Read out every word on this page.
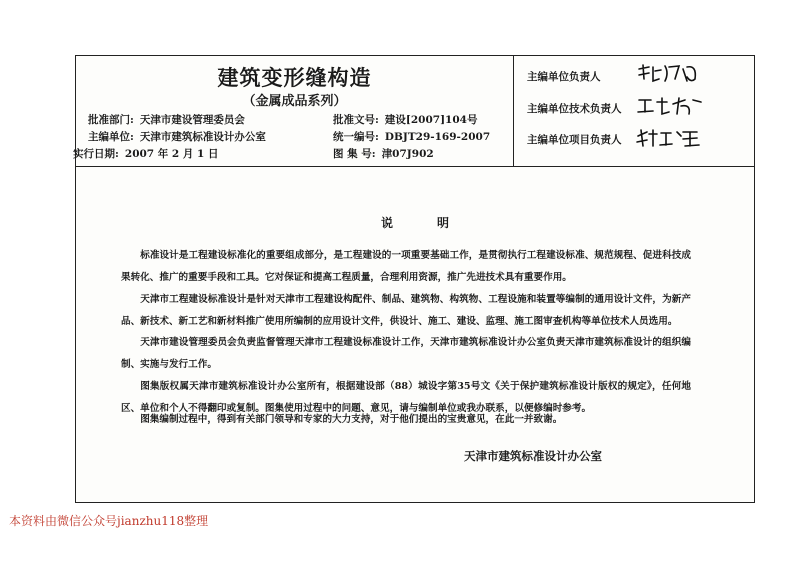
建筑变形缝构造
（金属成品系列）
批准部门: 天津市建设管理委员会
主编单位: 天津市建筑标准设计办公室
实行日期: 2007 年 2 月 1 日
批准文号: 建设[2007]104号
统一编号: DBJT29-169-2007
图 集 号: 津07J902
主编单位负责人
主编单位技术负责人
主编单位项目负责人
说	明
标准设计是工程建设标准化的重要组成部分，是工程建设的一项重要基础工作，是贯彻执行工程建设标准、规范规程、促进科技成果转化、推广的重要手段和工具。它对保证和提高工程质量，合理利用资源，推广先进技术具有重要作用。
天津市工程建设标准设计是针对天津市工程建设构配件、制品、建筑物、构筑物、工程设施和装置等编制的通用设计文件，为新产品、新技术、新工艺和新材料推广使用所编制的应用设计文件，供设计、施工、建设、监理、施工图审查机构等单位技术人员选用。
天津市建设管理委员会负责监督管理天津市工程建设标准设计工作，天津市建筑标准设计办公室负责天津市建筑标准设计的组织编制、实施与发行工作。
图集版权属天津市建筑标准设计办公室所有，根据建设部（88）城设字第35号文《关于保护建筑标准设计版权的规定》，任何地区、单位和个人不得翻印或复制。图集使用过程中的问题、意见，请与编制单位或我办联系，以便修编时参考。
图集编制过程中，得到有关部门领导和专家的大力支持，对于他们提出的宝贵意见，在此一并致谢。
天津市建筑标准设计办公室
本资料由微信公众号jianzhu118整理
